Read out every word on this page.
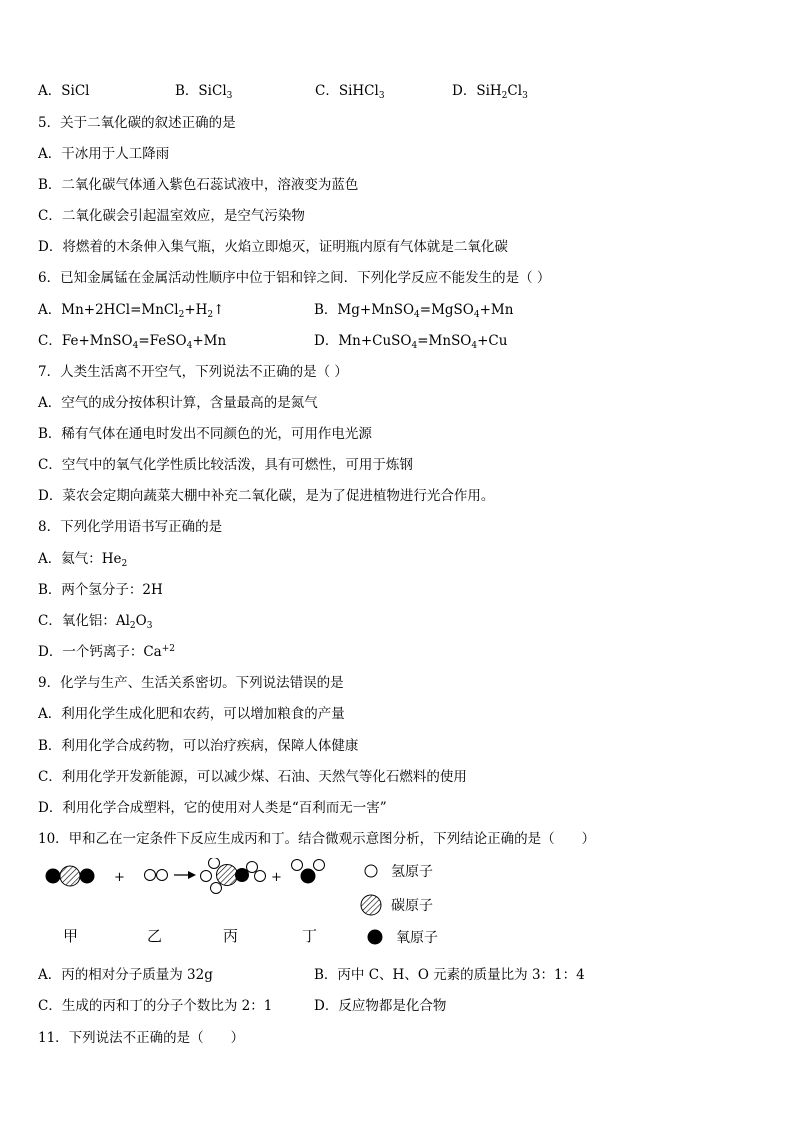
A．SiCl	B．SiCl$_3$	C．SiHCl$_3$	D．$SiH_2Cl_3$
5．关于二氧化碳的叙述正确的是
A．干冰用于人工降雨
B．二氧化碳气体通入紫色石蕊试液中，溶液变为蓝色
C．二氧化碳会引起温室效应，是空气污染物
D．将燃着的木条伸入集气瓶，火焰立即熄灭，证明瓶内原有气体就是二氧化碳
6．已知金属锰在金属活动性顺序中位于铝和锌之间．下列化学反应不能发生的是（ ）
A．$Mn+2HCl=MnCl_2+H_2↑$	B．Mg+MnSO$_4$=MgSO$_4$+Mn
C．Fe+MnSO$_4$=FeSO$_4$+Mn	D．Mn+CuSO$_4$=MnSO$_4$+Cu
7．人类生活离不开空气，下列说法不正确的是（ ）
A．空气的成分按体积计算，含量最高的是氮气
B．稀有气体在通电时发出不同颜色的光，可用作电光源
C．空气中的氧气化学性质比较活泼，具有可燃性，可用于炼钢
D．菜农会定期向蔬菜大棚中补充二氧化碳，是为了促进植物进行光合作用。
8．下列化学用语书写正确的是
A．氦气：$He_2$
B．两个氢分子：2H
C．氧化铝：$Al_2O_3$
D．一个钙离子：$Ca^{+2}$
9．化学与生产、生活关系密切。下列说法错误的是
A．利用化学生成化肥和农药，可以增加粮食的产量
B．利用化学合成药物，可以治疗疾病，保障人体健康
C．利用化学开发新能源，可以减少煤、石油、天然气等化石燃料的使用
D．利用化学合成塑料，它的使用对人类是“百利而无一害”
10．甲和乙在一定条件下反应生成丙和丁。结合微观示意图分析，下列结论正确的是（　　）
+	+
甲	乙	丙	丁
氢原子
碳原子
氧原子
A．丙的相对分子质量为 32g	B．丙中 C、H、O 元素的质量比为 3：1：4
C．生成的丙和丁的分子个数比为 2：1	D．反应物都是化合物
11．下列说法不正确的是（　　）
